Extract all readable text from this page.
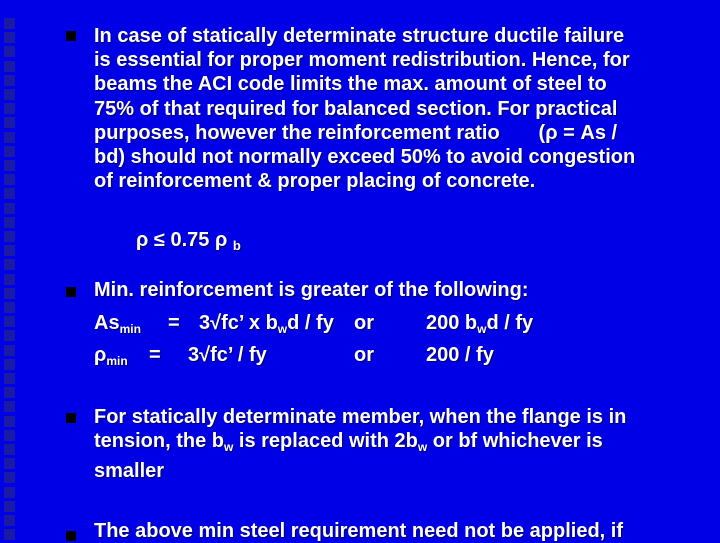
In case of statically determinate structure ductile failure
is essential for proper moment redistribution. Hence, for
beams the ACI code limits the max. amount of steel to
75% of that required for balanced section. For practical
purposes, however the reinforcement ratio       (ρ = As /
bd) should not normally exceed 50% to avoid congestion
of reinforcement & proper placing of concrete.
ρ ≤ 0.75 ρ $_b$
Min. reinforcement is greater of the following:
$As_{min} = 3√fc$’ x $b_wd$ / fy or	200 $b_wd$ / fy
$\rho_{min} = 3√fc$’ / fy	or	200 / fy
For statically determinate member, when the flange is in
tension, the $b_w$ is replaced with $2b_w$ or bf whichever is
smaller
The above min steel requirement need not be applied, if
